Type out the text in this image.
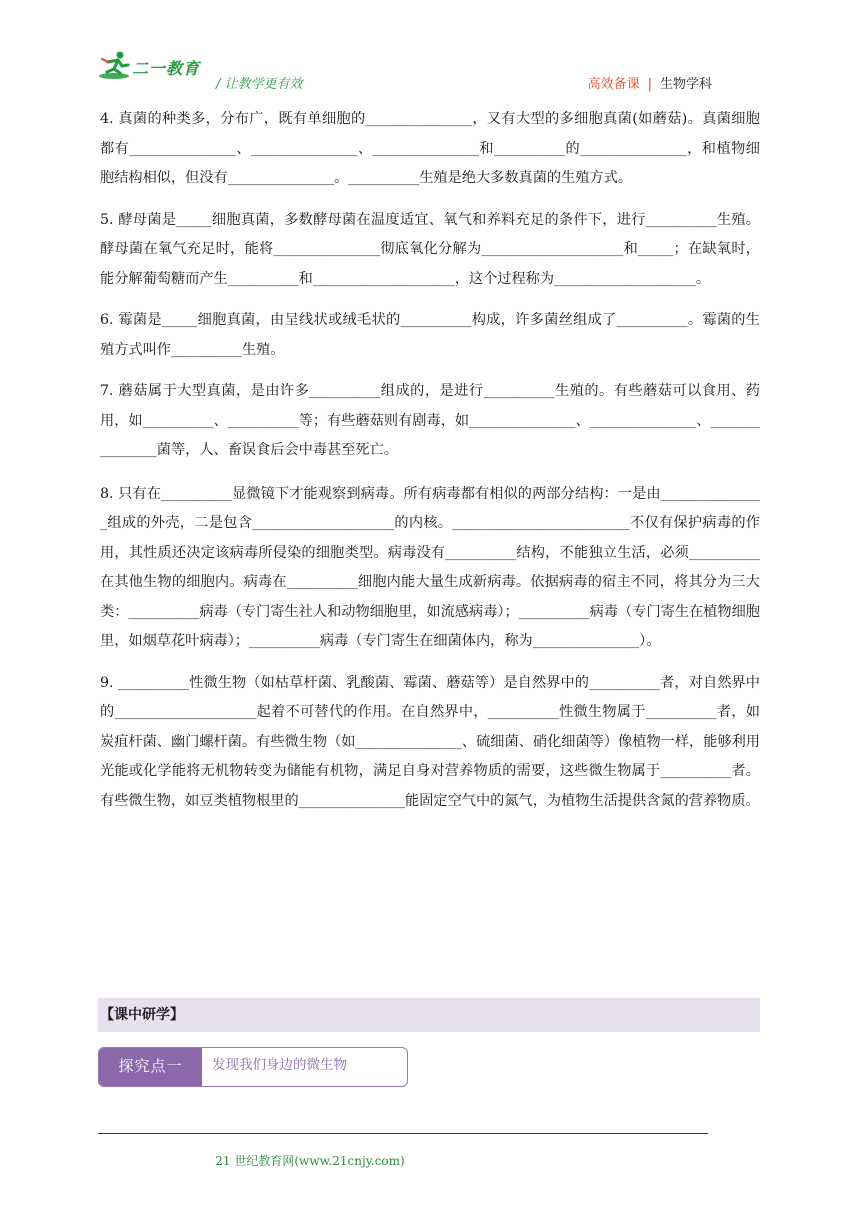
二一教育
/ 让教学更有效	高效备课 | 生物学科

4. 真菌的种类多，分布广，既有单细胞的_______________，又有大型的多细胞真菌(如蘑菇)。真菌细胞都有_______________、_______________、_______________和__________的_______________，和植物细胞结构相似，但没有_______________。__________生殖是绝大多数真菌的生殖方式。

5. 酵母菌是_____细胞真菌，多数酵母菌在温度适宜、氧气和养料充足的条件下，进行__________生殖。酵母菌在氧气充足时，能将_______________彻底氧化分解为____________________和_____；在缺氧时，能分解葡萄糖而产生__________和____________________，这个过程称为____________________。

6. 霉菌是_____细胞真菌，由呈线状或绒毛状的__________构成，许多菌丝组成了__________。霉菌的生殖方式叫作__________生殖。

7. 蘑菇属于大型真菌，是由许多__________组成的，是进行__________生殖的。有些蘑菇可以食用、药用，如__________、__________等；有些蘑菇则有剧毒，如_______________、_______________、_______________菌等，人、畜误食后会中毒甚至死亡。

8. 只有在__________显微镜下才能观察到病毒。所有病毒都有相似的两部分结构：一是由_______________组成的外壳，二是包含____________________的内核。_________________________不仅有保护病毒的作用，其性质还决定该病毒所侵染的细胞类型。病毒没有__________结构，不能独立生活，必须__________在其他生物的细胞内。病毒在__________细胞内能大量生成新病毒。依据病毒的宿主不同，将其分为三大类：__________病毒（专门寄生社人和动物细胞里，如流感病毒）；__________病毒（专门寄生在植物细胞里，如烟草花叶病毒）；__________病毒（专门寄生在细菌体内，称为_______________）。

9. __________性微生物（如枯草杆菌、乳酸菌、霉菌、蘑菇等）是自然界中的__________者，对自然界中的____________________起着不可替代的作用。在自然界中，__________性微生物属于__________者，如炭疽杆菌、幽门螺杆菌。有些微生物（如_______________、硫细菌、硝化细菌等）像植物一样，能够利用光能或化学能将无机物转变为储能有机物，满足自身对营养物质的需要，这些微生物属于__________者。有些微生物，如豆类植物根里的_______________能固定空气中的氮气，为植物生活提供含氮的营养物质。

【课中研学】
探究点一	发现我们身边的微生物
21 世纪教育网(www.21cnjy.com)
